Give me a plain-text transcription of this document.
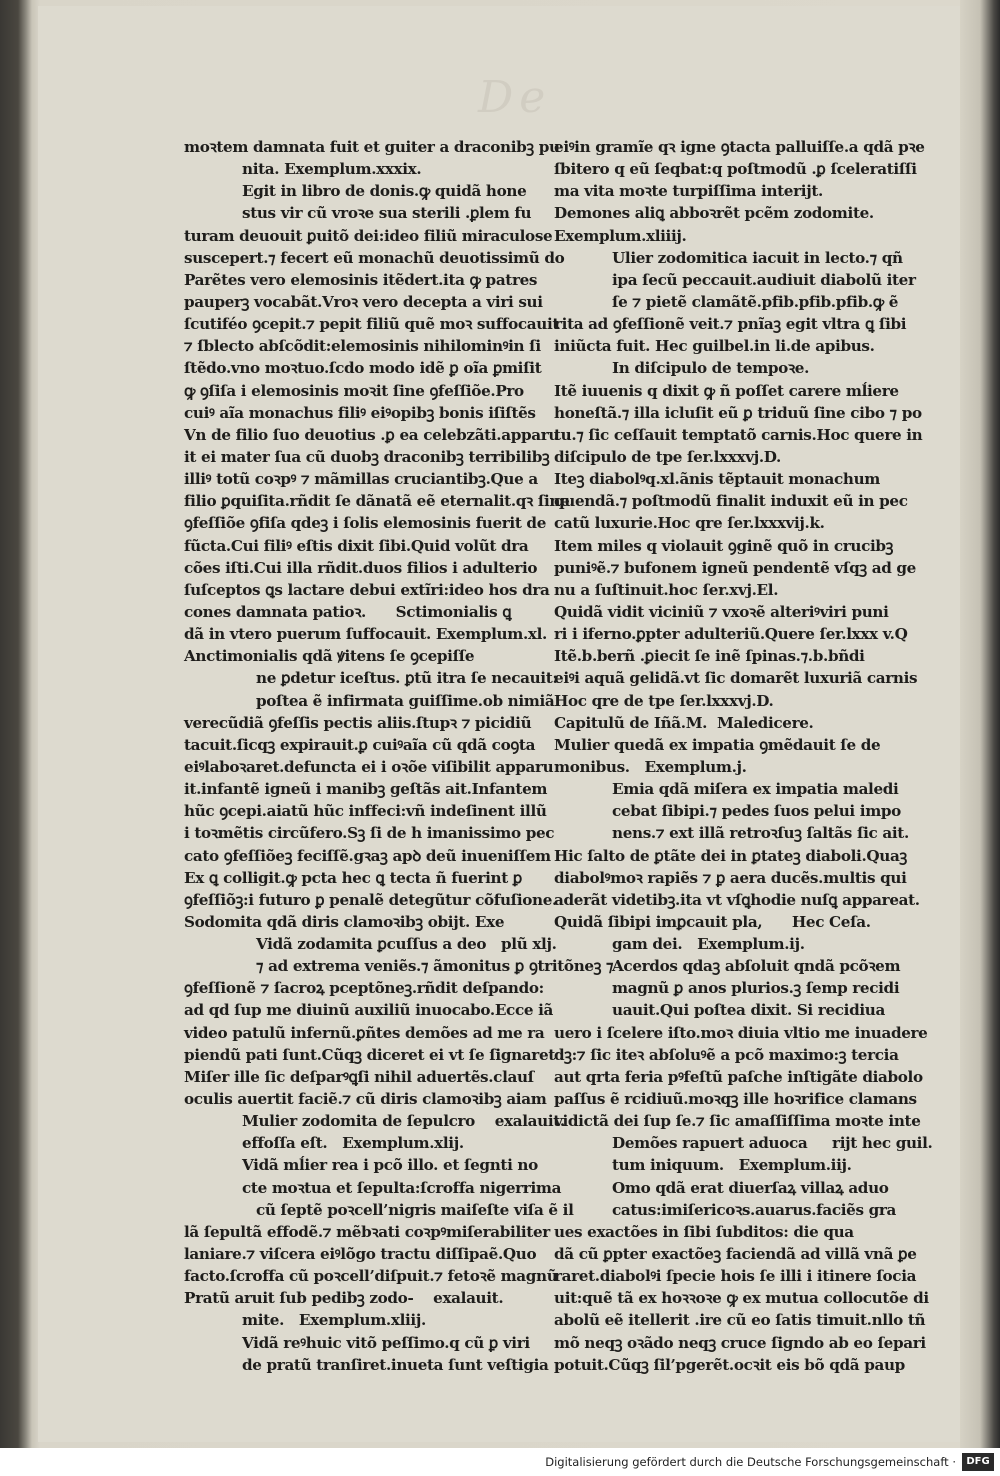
De
moꝛtem damnata fuit et guiter a draconibꝫ pu
nita. Exemplum.xxxix.
Egit in libro de donis.ꝙ quidã hone
stus vir cũ vroꝛe sua sterili .ꝑlem fu
turam deuouit ꝑuitõ dei:ideo filiũ miraculose
suscepert.⁊ fecert eũ monachũ deuotissimũ do
Parẽtes vero elemosinis itẽdert.ita ꝙ patres
pauperꝫ vocabãt.Vroꝛ vero decepta a viri sui
ſcutiféo ꝯcepit.⁊ pepit filiũ quẽ moꝛ suffocauit
⁊ ſblecto abſcõdit:elemosinis nihilominꝰin ſi
ſtẽdo.vno moꝛtuo.ſcdo modo idẽ ꝑ oĩa ꝑmiſit
ꝙ ꝯſiſa i elemosinis moꝛit ſine ꝯfeſſiõe.Pro
cuiꝰ aĩa monachus filiꝰ eiꝰopibꝫ bonis iſiſtẽs
Vn de filio ſuo deuotius .ꝑ ea celebzãti.apparu
it ei mater ſua cũ duobꝫ draconibꝫ terribilibꝫ
illiꝰ totũ coꝛpꝰ ⁊ mãmillas cruciantibꝫ.Que a
filio ꝑquiſita.rñdit ſe dãnatã eẽ eternalit.qꝛ ſine
ꝯfeſſiõe ꝯfiſa qdeꝫ i ſolis elemosinis fuerit de
fũcta.Cui filiꝰ eſtis dixit ſibi.Quid volũt dra
cões iſti.Cui illa rñdit.duos filios i adulterio
ſuſceptos ꝗs lactare debui extĩri:ideo hos dra
cones damnata patioꝛ.      Sctimonialis ꝗ
dã in vtero puerum ſuffocauit. Exemplum.xl.
Anctimonialis qdã ꝟitens ſe ꝯcepiſſe
ne ꝑdetur iceſtus. ꝑtũ itra ſe necauit:
poſtea ẽ infirmata guiſſime.ob nimiã
verecũdiã ꝯfeſſis pectis aliis.ſtupꝛ ⁊ picidiũ
tacuit.ſicqꝫ expirauit.ꝑ cuiꝰaĩa cũ qdã coꝯta
eiꝰlaboꝛaret.defuncta ei i oꝛõe viſibilit apparu
it.infantẽ igneũ i manibꝫ geſtãs ait.Infantem
hũc ꝯcepi.aiatũ hũc inffeci:vñ indeſinent illũ
i toꝛmẽtis circũfero.Sꝫ ſi de h imanissimo pec
cato ꝯfeſſiõeꝫ feciſſẽ.gꝛaꝫ apꝺ deũ inueniſſem
Ex ꝗ colligit.ꝙ pcta hec ꝗ tecta ñ fuerint ꝑ
ꝯfeſſiõꝫ:i futuro ꝑ penalẽ detegũtur cõfuſione.
Sodomita qdã diris clamoꝛibꝫ obijt. Exe
Vidã zodamita ꝑcuſſus a deo   plũ xlj.
⁊ ad extrema veniẽs.⁊ ãmonitus ꝑ ꝯtritõneꝫ ⁊
ꝯfeſſionẽ ⁊ ſacroꝝ pceptõneꝫ.rñdit deſpando:
ad qd ſup me diuinũ auxiliũ inuocabo.Ecce iã
video patulũ infernũ.ꝑñtes demões ad me ra
piendũ pati ſunt.Cũqꝫ diceret ei vt ſe ſignaret
Miſer ille ſic deſparꝰꝗſi nihil aduertẽs.clauſ
oculis auertit faciẽ.⁊ cũ diris clamoꝛibꝫ aiam
Mulier zodomita de ſepulcro    exalauit.
effoſſa eſt.   Exemplum.xlij.
Vidã mĺier rea i pcõ illo. et ſegnti no
cte moꝛtua et ſepulta:ſcroffa nigerrima
cũ ſeptẽ poꝛcell’nigris maiſeſte viſa ẽ il
lã ſepultã effodẽ.⁊ mẽbꝛati coꝛpꝰmiſerabiliter
laniare.⁊ viſcera eiꝰlõgo tractu diſſipaẽ.Quo
facto.ſcroffa cũ poꝛcell’diſpuit.⁊ fetoꝛẽ magnũ
Pratũ aruit ſub pedibꝫ zodo-    exalauit.
mite.   Exemplum.xliij.
Vidã reꝰhuic vitõ peſſimo.q cũ ꝑ viri
de pratũ tranſiret.inueta ſunt veſtigia
eiꝰin gramĩe qꝛ igne ꝯtacta palluiſſe.a qdã pꝛe
ſbitero q eũ ſeqbat:q poſtmodũ .ꝑ ſceleratiſſi
ma vita moꝛte turpiſſima interijt.
Demones aliꝗ abboꝛrẽt pcẽm zodomite.
Exemplum.xliiij.
Ulier zodomitica iacuit in lecto.⁊ qñ
ipa ſecũ peccauit.audiuit diabolũ iter
ſe ⁊ pietẽ clamãtẽ.pfib.pfib.pfib.ꝙ ẽ
rita ad ꝯfeſſionẽ veit.⁊ pnĩaꝫ egit vltra ꝗ ſibi
iniũcta fuit. Hec guilbel.in li.de apibus.
In diſcipulo de tempoꝛe.
Itẽ iuuenis q dixit ꝙ ñ poſſet carere mĺiere
honeſtã.⁊ illa icluſit eũ ꝑ triduũ ſine cibo ⁊ po
tu.⁊ ſic ceſſauit temptatõ carnis.Hoc quere in
diſcipulo de tpe ſer.lxxxvj.D.
Iteꝫ diabolꝰq.xl.ãnis tẽptauit monachum
quendã.⁊ poſtmodũ finalit induxit eũ in pec
catũ luxurie.Hoc qre ſer.lxxxvij.k.
Item miles q violauit ꝯginẽ quõ in crucibꝫ
puniꝰẽ.⁊ bufonem igneũ pendentẽ vſqꝫ ad ge
nu a ſuſtinuit.hoc ſer.xvj.El.
Quidã vidit viciniũ ⁊ vxoꝛẽ alteriꝰviri puni
ri i iferno.ꝑpter adulteriũ.Quere ſer.lxxx v.Q
Itẽ.b.berñ .ꝑiecit ſe inẽ ſpinas.⁊.b.bñdi
eiꝰi aquã gelidã.vt ſic domarẽt luxuriã carnis
Hoc qre de tpe ſer.lxxxvj.D.
Capitulũ de Iñã.M.  Maledicere.
Mulier quedã ex impatia ꝯmẽdauit ſe de
monibus.   Exemplum.j.
Emia qdã miſera ex impatia maledi
cebat ſibipi.⁊ pedes ſuos pelui impo
nens.⁊ ext illã retroꝛſuꝫ ſaltãs ſic ait.
Hic ſalto de ꝑtãte dei in ꝑtateꝫ diaboli.Quaꝫ
diabolꝰmoꝛ rapiẽs ⁊ ꝑ aera ducẽs.multis qui
aderãt videtibꝫ.ita vt vſꝗhodie nuſꝗ appareat.
Quidã ſibipi imꝑcauit pla,      Hec Ceſa.
gam dei.   Exemplum.ij.
Acerdos qdaꝫ abſoluit qndã pcõꝛem
magnũ ꝑ anos plurios.ꝫ ſemp recidi
uauit.Qui poſtea dixit. Si recidiua
uero i ſcelere iſto.moꝛ diuia vltio me inuadere
dꝫ:⁊ ſic iteꝛ abſoluꝰẽ a pcõ maximo:ꝫ tercia
aut qrta feria pꝰfeſtũ paſche inſtigãte diabolo
paſſus ẽ rcidiuũ.moꝛqꝫ ille hoꝛrifice clamans
vidictã dei ſup ſe.⁊ ſic amaſſiſſima moꝛte inte
Demões rapuert aduoca     rijt hec guil.
tum iniquum.   Exemplum.iij.
Omo qdã erat diuerſaꝝ villaꝝ aduo
catus:imiſericoꝛs.auarus.faciẽs gra
ues exactões in ſibi ſubditos: die qua
dã cũ ꝑpter exactõeꝫ faciendã ad villã vnã ꝑe
raret.diabolꝰi ſpecie hois ſe illi i itinere ſocia
uit:quẽ tã ex hoꝛꝛoꝛe ꝙ ex mutua collocutõe di
abolũ eẽ itellerit .ire cũ eo ſatis timuit.nllo tñ
mõ neqꝫ oꝛãdo neqꝫ cruce ſigndo ab eo ſepari
potuit.Cũqꝫ ſil’pgerẽt.ocꝛit eis bõ qdã paup
Digitalisierung gefördert durch die Deutsche Forschungsgemeinschaft ·	DFG
